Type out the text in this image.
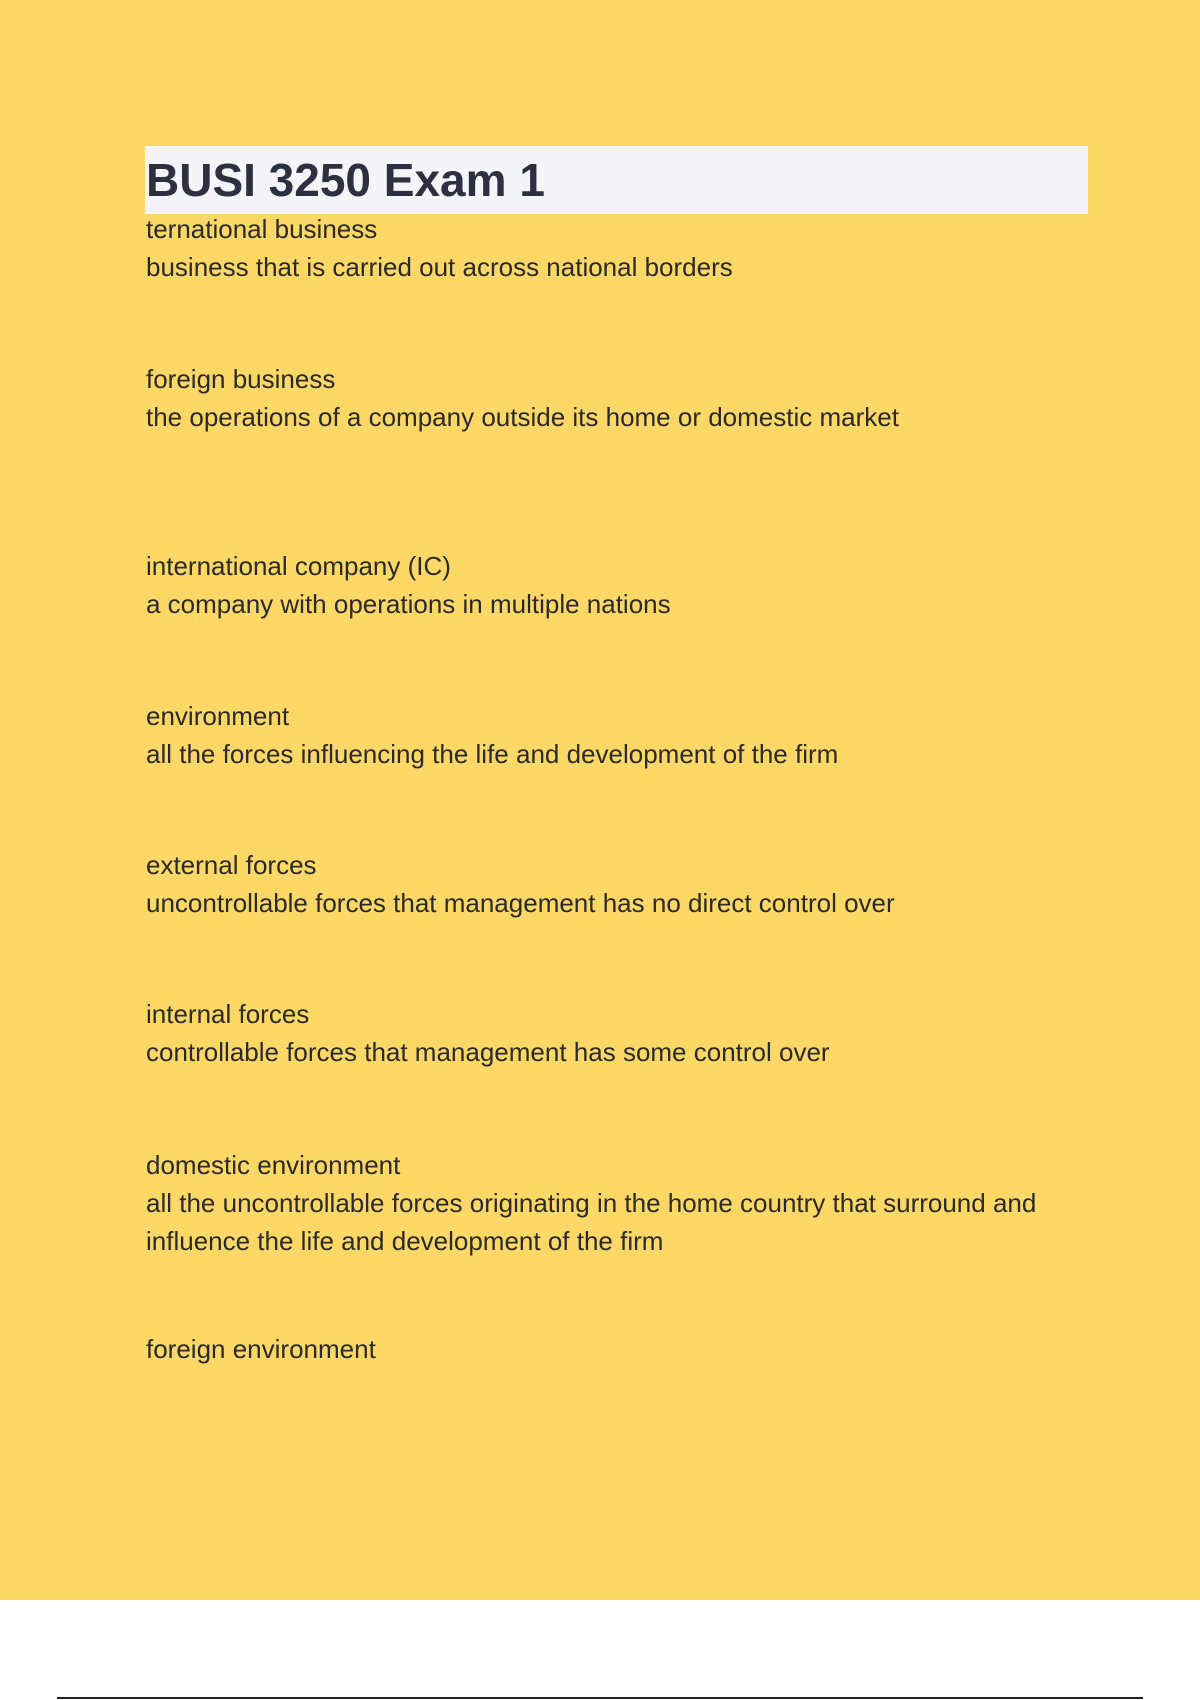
BUSI 3250 Exam 1
ternational business
business that is carried out across national borders
foreign business
the operations of a company outside its home or domestic market
international company (IC)
a company with operations in multiple nations
environment
all the forces influencing the life and development of the firm
external forces
uncontrollable forces that management has no direct control over
internal forces
controllable forces that management has some control over
domestic environment
all the uncontrollable forces originating in the home country that surround and influence the life and development of the firm
foreign environment
